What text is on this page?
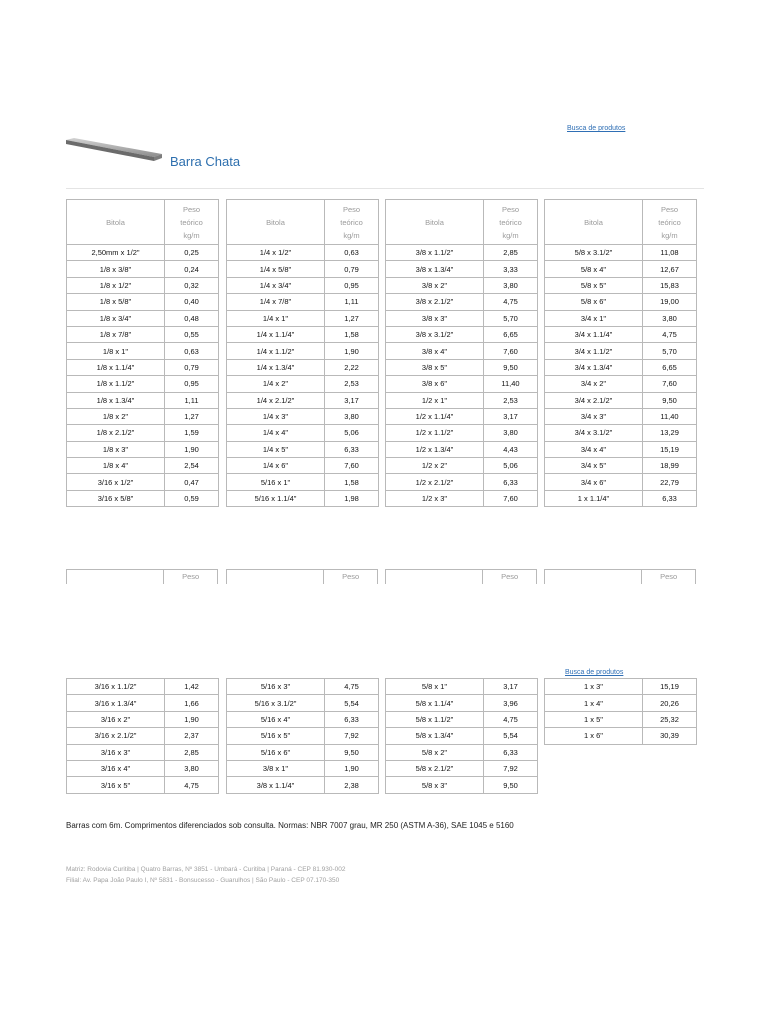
Busca de produtos
Barra Chata
Bitola	Peso
teórico
kg/m

2,50mm x 1/2"	0,25
1/8 x 3/8"	0,24
1/8 x 1/2"	0,32
1/8 x 5/8"	0,40
1/8 x 3/4"	0,48
1/8 x 7/8"	0,55
1/8 x 1"	0,63
1/8 x 1.1/4"	0,79
1/8 x 1.1/2"	0,95
1/8 x 1.3/4"	1,11
1/8 x 2"	1,27
1/8 x 2.1/2"	1,59
1/8 x 3"	1,90
1/8 x 4"	2,54
3/16 x 1/2"	0,47
3/16 x 5/8"	0,59
Bitola	Peso
teórico
kg/m

1/4 x 1/2"	0,63
1/4 x 5/8"	0,79
1/4 x 3/4"	0,95
1/4 x 7/8"	1,11
1/4 x 1"	1,27
1/4 x 1.1/4"	1,58
1/4 x 1.1/2"	1,90
1/4 x 1.3/4"	2,22
1/4 x 2"	2,53
1/4 x 2.1/2"	3,17
1/4 x 3"	3,80
1/4 x 4"	5,06
1/4 x 5"	6,33
1/4 x 6"	7,60
5/16 x 1"	1,58
5/16 x 1.1/4"	1,98
Bitola	Peso
teórico
kg/m

3/8 x 1.1/2"	2,85
3/8 x 1.3/4"	3,33
3/8 x 2"	3,80
3/8 x 2.1/2"	4,75
3/8 x 3"	5,70
3/8 x 3.1/2"	6,65
3/8 x 4"	7,60
3/8 x 5"	9,50
3/8 x 6"	11,40
1/2 x 1"	2,53
1/2 x 1.1/4"	3,17
1/2 x 1.1/2"	3,80
1/2 x 1.3/4"	4,43
1/2 x 2"	5,06
1/2 x 2.1/2"	6,33
1/2 x 3"	7,60
Bitola	Peso
teórico
kg/m

5/8 x 3.1/2"	11,08
5/8 x 4"	12,67
5/8 x 5"	15,83
5/8 x 6"	19,00
3/4 x 1"	3,80
3/4 x 1.1/4"	4,75
3/4 x 1.1/2"	5,70
3/4 x 1.3/4"	6,65
3/4 x 2"	7,60
3/4 x 2.1/2"	9,50
3/4 x 3"	11,40
3/4 x 3.1/2"	13,29
3/4 x 4"	15,19
3/4 x 5"	18,99
3/4 x 6"	22,79
1 x 1.1/4"	6,33
Peso	Peso	Peso	Peso
Busca de produtos
3/16 x 1.1/2"	1,42
3/16 x 1.3/4"	1,66
3/16 x 2"	1,90
3/16 x 2.1/2"	2,37
3/16 x 3"	2,85
3/16 x 4"	3,80
3/16 x 5"	4,75
5/16 x 3"	4,75
5/16 x 3.1/2"	5,54
5/16 x 4"	6,33
5/16 x 5"	7,92
5/16 x 6"	9,50
3/8 x 1"	1,90
3/8 x 1.1/4"	2,38
5/8 x 1"	3,17
5/8 x 1.1/4"	3,96
5/8 x 1.1/2"	4,75
5/8 x 1.3/4"	5,54
5/8 x 2"	6,33
5/8 x 2.1/2"	7,92
5/8 x 3"	9,50
1 x 3"	15,19
1 x 4"	20,26
1 x 5"	25,32
1 x 6"	30,39
Barras com 6m. Comprimentos diferenciados sob consulta. Normas: NBR 7007 grau, MR 250 (ASTM A-36), SAE 1045 e 5160
Matriz: Rodovia Curitiba | Quatro Barras, Nº 3851 - Umbará - Curitiba | Paraná - CEP 81.930-002
Filial: Av. Papa João Paulo I, Nº 5831 - Bonsucesso - Guarulhos | São Paulo - CEP 07.170-350
